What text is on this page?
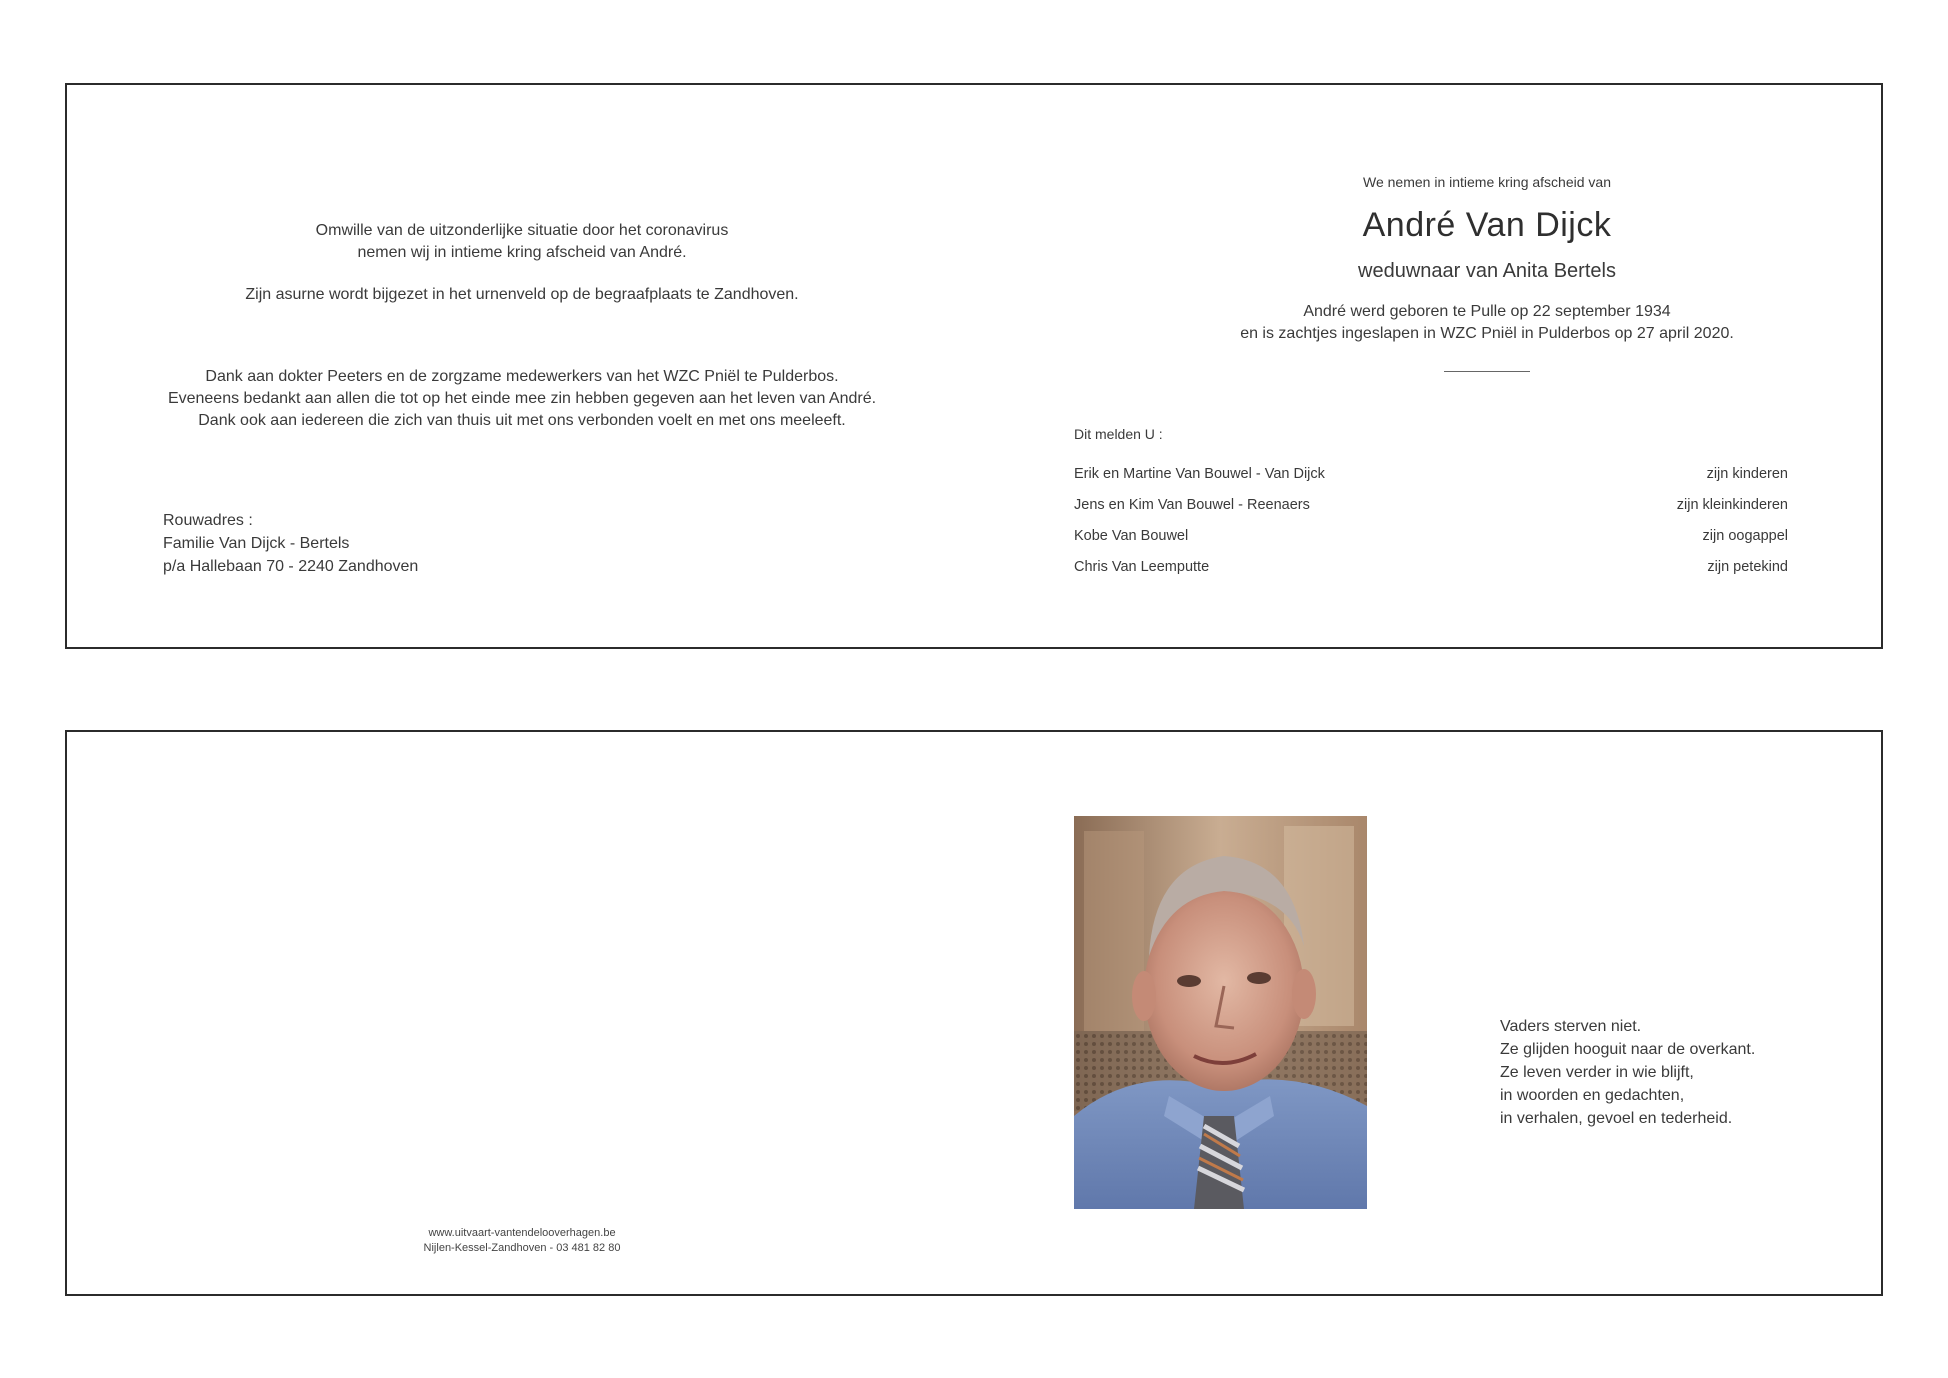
Omwille van de uitzonderlijke situatie door het coronavirus
nemen wij in intieme kring afscheid van André.
Zijn asurne wordt bijgezet in het urnenveld op de begraafplaats te Zandhoven.
Dank aan dokter Peeters en de zorgzame medewerkers van het WZC Pniël te Pulderbos.
Eveneens bedankt aan allen die tot op het einde mee zin hebben gegeven aan het leven van André.
Dank ook aan iedereen die zich van thuis uit met ons verbonden voelt en met ons meeleeft.
Rouwadres :
Familie Van Dijck - Bertels
p/a Hallebaan 70 - 2240 Zandhoven
We nemen in intieme kring afscheid van
André Van Dijck
weduwnaar van Anita Bertels
André werd geboren te Pulle op 22 september 1934
en is zachtjes ingeslapen in WZC Pniël in Pulderbos op 27 april 2020.
Dit melden U :
Erik en Martine Van Bouwel - Van Dijck	zijn kinderen
Jens en Kim Van Bouwel - Reenaers	zijn kleinkinderen
Kobe Van Bouwel	zijn oogappel
Chris Van Leemputte	zijn petekind
www.uitvaart-vantendelooverhagen.be
Nijlen-Kessel-Zandhoven - 03 481 82 80
Vaders sterven niet.
Ze glijden hooguit naar de overkant.
Ze leven verder in wie blijft,
in woorden en gedachten,
in verhalen, gevoel en tederheid.
